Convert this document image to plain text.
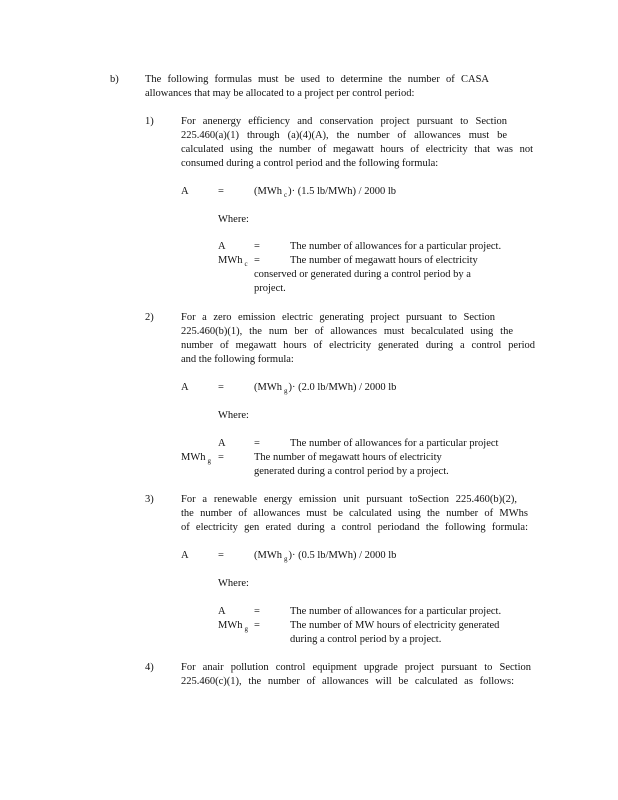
b)	The following formulas must be used to determine the number of CASA
allowances that may be allocated to a project per control period:
1)	For anenergy efficiency and conservation project pursuant to Section
225.460(a)(1) through (a)(4)(A), the number of allowances must be
calculated using the number of megawatt hours of electricity that was not
consumed during a control period and the following formula:
A	=	(MWh $_c$)· (1.5 lb/MWh) / 2000 lb
Where:
A	=	The number of allowances for a particular project.
MWh $_c$ =	The number of megawatt hours of electricity conserved or generated during a control period by a project.
2)	For a zero emission electric generating project pursuant to Section
225.460(b)(1), the num ber of allowances must becalculated using the
number of megawatt hours of electricity generated during a control period
and the following formula:
A	=	(MWh $_g$)· (2.0 lb/MWh) / 2000 lb
Where:
A	=	The number of allowances for a particular project
MWh $_g$ =	The number of megawatt hours of electricity generated during a control period by a project.
3)	For a renewable energy emission unit pursuant toSection 225.460(b)(2),
the number of allowances must be calculated using the number of MWhs
of electricity gen erated during a control periodand the following formula:
A	=	(MWh $_g$)· (0.5 lb/MWh) / 2000 lb
Where:
A	=	The number of allowances for a particular project.
MWh $_g$ =	The number of MW hours of electricity generated during a control period by a project.
4)	For anair pollution control equipment upgrade project pursuant to Section
225.460(c)(1), the number of allowances will be calculated as follows:
